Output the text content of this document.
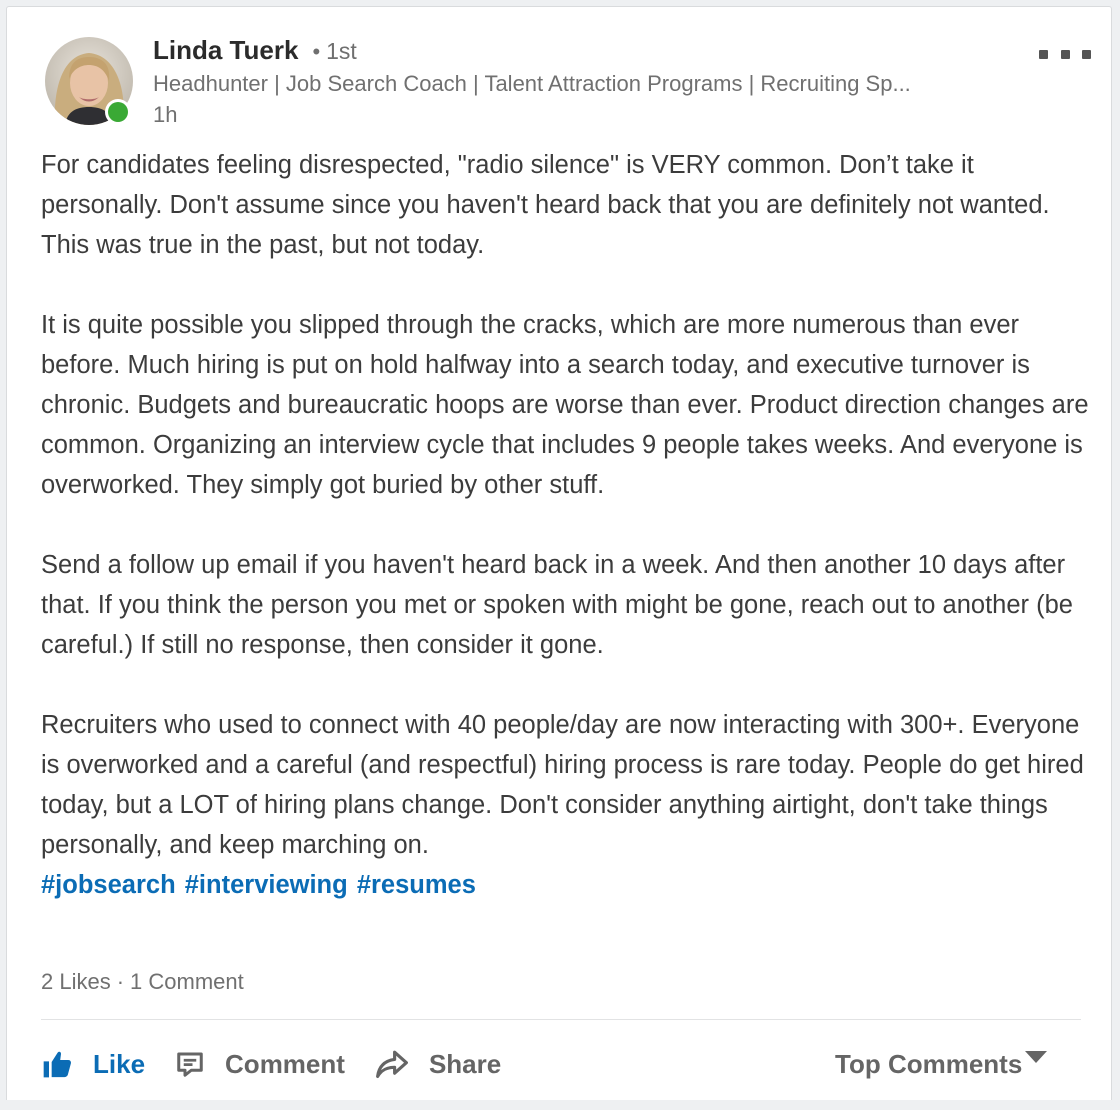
Linda Tuerk • 1st
Headhunter | Job Search Coach | Talent Attraction Programs | Recruiting Sp...
1h

For candidates feeling disrespected, "radio silence" is VERY common. Don’t take it personally. Don't assume since you haven't heard back that you are definitely not wanted. This was true in the past, but not today.

It is quite possible you slipped through the cracks, which are more numerous than ever before. Much hiring is put on hold halfway into a search today, and executive turnover is chronic. Budgets and bureaucratic hoops are worse than ever. Product direction changes are common. Organizing an interview cycle that includes 9 people takes weeks. And everyone is overworked. They simply got buried by other stuff.

Send a follow up email if you haven't heard back in a week. And then another 10 days after that. If you think the person you met or spoken with might be gone, reach out to another (be careful.) If still no response, then consider it gone.

Recruiters who used to connect with 40 people/day are now interacting with 300+. Everyone is overworked and a careful (and respectful) hiring process is rare today. People do get hired today, but a LOT of hiring plans change. Don't consider anything airtight, don't take things personally, and keep marching on.
#jobsearch #interviewing #resumes

2 Likes · 1 Comment
Like	Comment	Share	Top Comments
